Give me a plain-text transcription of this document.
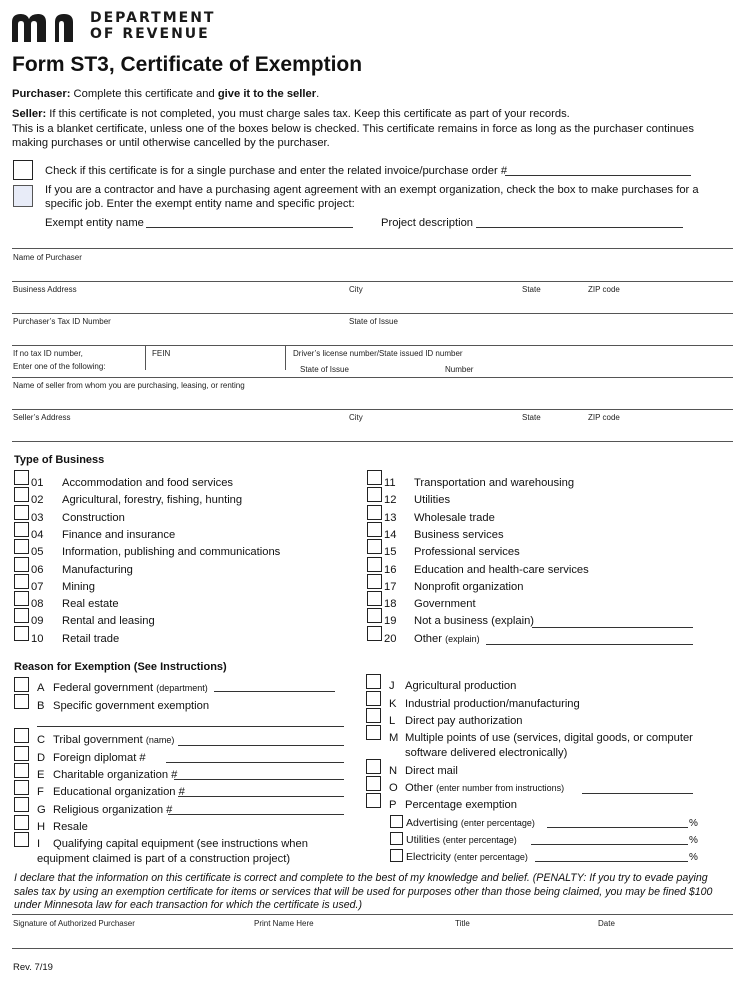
DEPARTMENT
OF REVENUE
Form ST3, Certificate of Exemption
Purchaser: Complete this certificate and give it to the seller.
Seller: If this certificate is not completed, you must charge sales tax. Keep this certificate as part of your records.
This is a blanket certificate, unless one of the boxes below is checked. This certificate remains in force as long as the purchaser continues making purchases or until otherwise cancelled by the purchaser.
Check if this certificate is for a single purchase and enter the related invoice/purchase order #
If you are a contractor and have a purchasing agent agreement with an exempt organization, check the box to make purchases for a specific job. Enter the exempt entity name and specific project:
Exempt entity name	Project description
Name of Purchaser
Business Address	City	State	ZIP code
Purchaser’s Tax ID Number	State of Issue
If no tax ID number,
Enter one of the following:
FEIN	Driver’s license number/State issued ID number
State of Issue	Number
Name of seller from whom you are purchasing, leasing, or renting
Seller’s Address	City	State	ZIP code
Type of Business
01 Accommodation and food services
02 Agricultural, forestry, fishing, hunting
03 Construction
04 Finance and insurance
05 Information, publishing and communications
06 Manufacturing
07 Mining
08 Real estate
09 Rental and leasing
10 Retail trade
11 Transportation and warehousing
12 Utilities
13 Wholesale trade
14 Business services
15 Professional services
16 Education and health-care services
17 Nonprofit organization
18 Government
19 Not a business (explain)
20 Other (explain)
Reason for Exemption (See Instructions)
A Federal government (department)
B Specific government exemption
C Tribal government (name)
D Foreign diplomat #
E Charitable organization #
F Educational organization #
G Religious organization #
H Resale
I Qualifying capital equipment (see instructions when
equipment claimed is part of a construction project)
J Agricultural production
K Industrial production/manufacturing
L Direct pay authorization
M Multiple points of use (services, digital goods, or computer
software delivered electronically)
N Direct mail
O Other (enter number from instructions)
P Percentage exemption
Advertising (enter percentage)	%
Utilities (enter percentage)	%
Electricity (enter percentage)	%
I declare that the information on this certificate is correct and complete to the best of my knowledge and belief. (PENALTY: If you try to evade paying sales tax by using an exemption certificate for items or services that will be used for purposes other than those being claimed, you may be fined $100 under Minnesota law for each transaction for which the certificate is used.)
Signature of Authorized Purchaser	Print Name Here	Title	Date
Rev. 7/19
